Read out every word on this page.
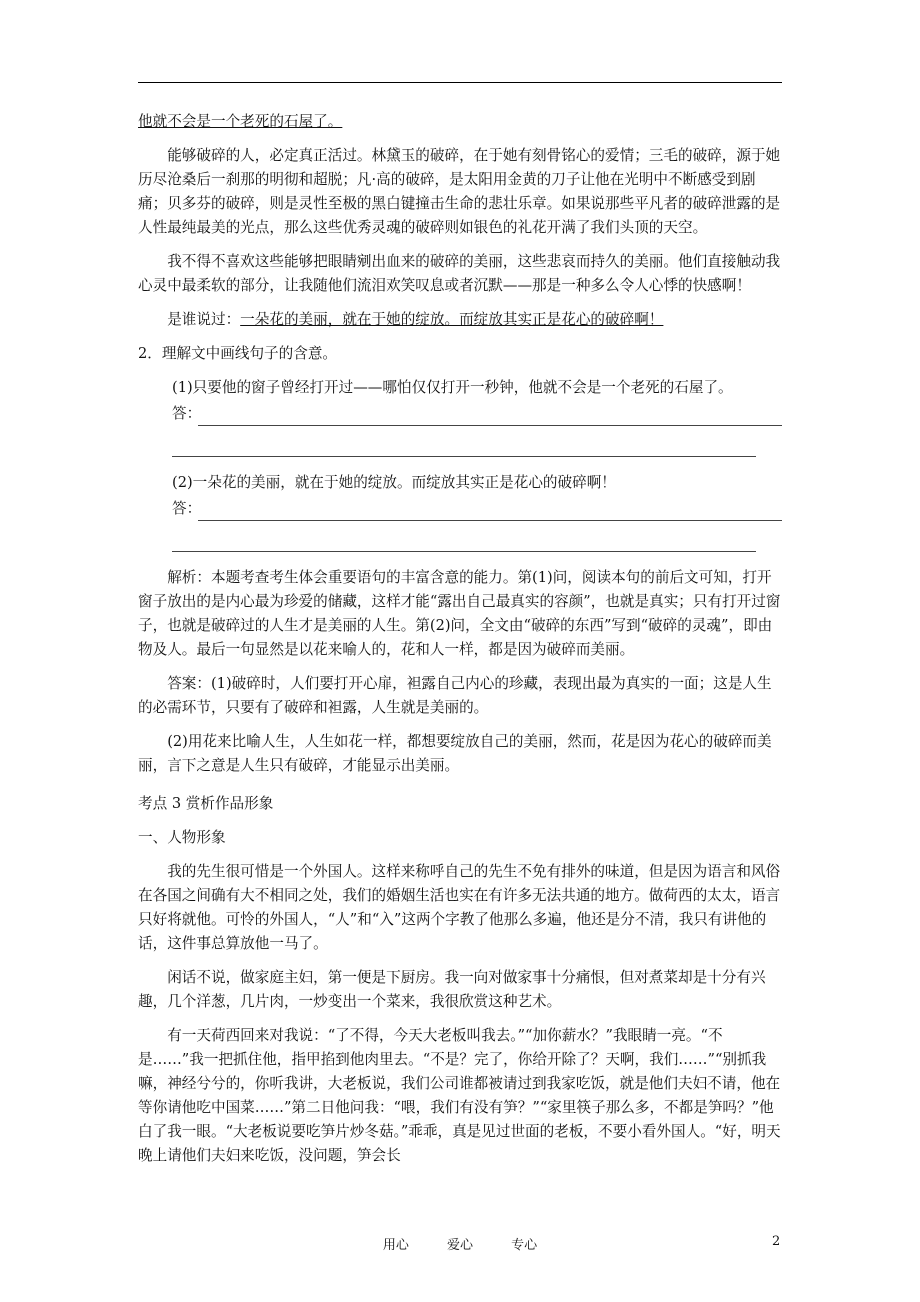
他就不会是一个老死的石屋了。

能够破碎的人，必定真正活过。林黛玉的破碎，在于她有刻骨铭心的爱情；三毛的破碎，源于她历尽沧桑后一刹那的明彻和超脱；凡·高的破碎，是太阳用金黄的刀子让他在光明中不断感受到剧痛；贝多芬的破碎，则是灵性至极的黑白键撞击生命的悲壮乐章。如果说那些平凡者的破碎泄露的是人性最纯最美的光点，那么这些优秀灵魂的破碎则如银色的礼花开满了我们头顶的天空。

我不得不喜欢这些能够把眼睛剜出血来的破碎的美丽，这些悲哀而持久的美丽。他们直接触动我心灵中最柔软的部分，让我随他们流泪欢笑叹息或者沉默——那是一种多么令人心悸的快感啊！

是谁说过：一朵花的美丽，就在于她的绽放。而绽放其实正是花心的破碎啊！

2．理解文中画线句子的含意。

(1)只要他的窗子曾经打开过——哪怕仅仅打开一秒钟，他就不会是一个老死的石屋了。

答：

(2)一朵花的美丽，就在于她的绽放。而绽放其实正是花心的破碎啊！

答：

解析：本题考查考生体会重要语句的丰富含意的能力。第(1)问，阅读本句的前后文可知，打开窗子放出的是内心最为珍爱的储藏，这样才能“露出自己最真实的容颜”，也就是真实；只有打开过窗子，也就是破碎过的人生才是美丽的人生。第(2)问，全文由“破碎的东西”写到“破碎的灵魂”，即由物及人。最后一句显然是以花来喻人的，花和人一样，都是因为破碎而美丽。

答案：(1)破碎时，人们要打开心扉，袒露自己内心的珍藏，表现出最为真实的一面；这是人生的必需环节，只要有了破碎和袒露，人生就是美丽的。

(2)用花来比喻人生，人生如花一样，都想要绽放自己的美丽，然而，花是因为花心的破碎而美丽，言下之意是人生只有破碎，才能显示出美丽。

考点 3 赏析作品形象

一、人物形象

我的先生很可惜是一个外国人。这样来称呼自己的先生不免有排外的味道，但是因为语言和风俗在各国之间确有大不相同之处，我们的婚姻生活也实在有许多无法共通的地方。做荷西的太太，语言只好将就他。可怜的外国人，“人”和“入”这两个字教了他那么多遍，他还是分不清，我只有讲他的话，这件事总算放他一马了。

闲话不说，做家庭主妇，第一便是下厨房。我一向对做家事十分痛恨，但对煮菜却是十分有兴趣，几个洋葱，几片肉，一炒变出一个菜来，我很欣赏这种艺术。

有一天荷西回来对我说：“了不得，今天大老板叫我去。”“加你薪水？”我眼睛一亮。“不是……”我一把抓住他，指甲掐到他肉里去。“不是？完了，你给开除了？天啊，我们……”“别抓我嘛，神经兮兮的，你听我讲，大老板说，我们公司谁都被请过到我家吃饭，就是他们夫妇不请，他在等你请他吃中国菜……”第二日他问我：“喂，我们有没有笋？”“家里筷子那么多，不都是笋吗？”他白了我一眼。“大老板说要吃笋片炒冬菇。”乖乖，真是见过世面的老板，不要小看外国人。“好，明天晚上请他们夫妇来吃饭，没问题，笋会长

用心	爱心	专心	2
